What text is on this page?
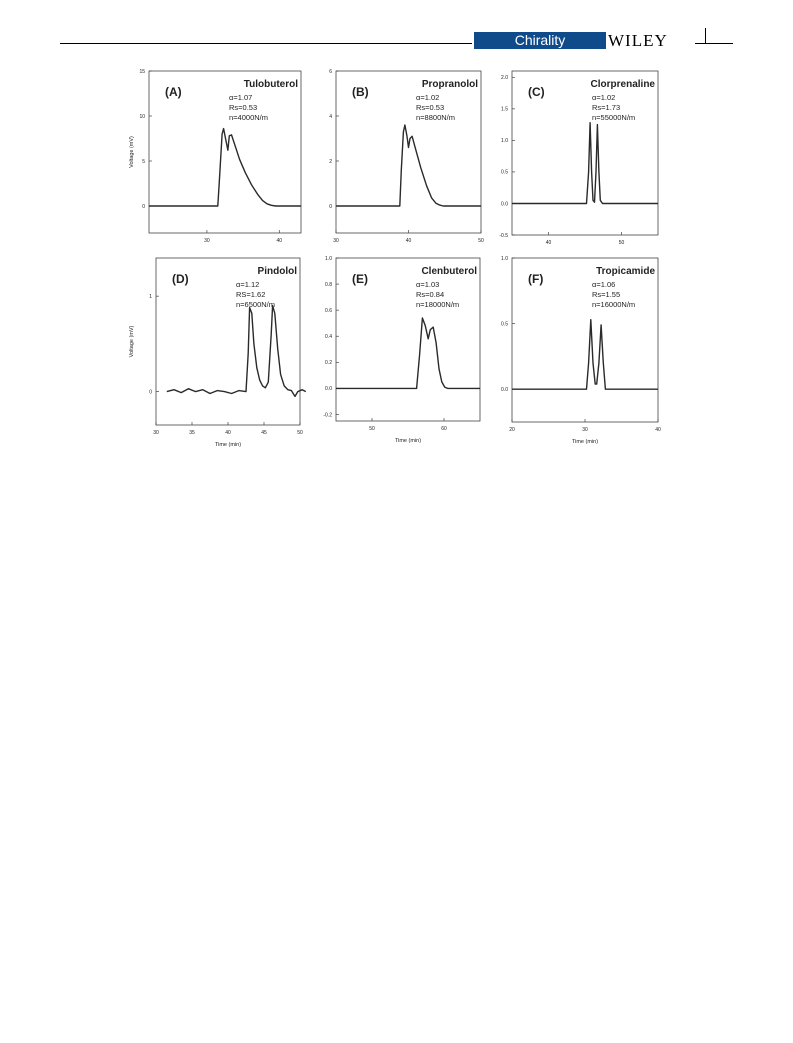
Chirality	WILEY
30	40
0
5
10
15
(A)
Tulobuterol
α=1.07
Rs=0.53
n=4000N/m
Voltage (mV)
30	40	50
0
2
4
6
(B)
Propranolol
α=1.02
Rs=0.53
n=8800N/m
40	50
-0.5
0.0
0.5
1.0
1.5
2.0
(C)
Clorprenaline
α=1.02
Rs=1.73
n=55000N/m
30	35	40	45	50
0
1
(D)
Pindolol
α=1.12
RS=1.62
n=6500N/m
Time (min)
Voltage (mV)
50	60
-0.2
0.0
0.2
0.4
0.6
0.8
1.0
(E)
Clenbuterol
α=1.03
Rs=0.84
n=18000N/m
Time (min)
20	30	40
0.0
0.5
1.0
(F)
Tropicamide
α=1.06
Rs=1.55
n=16000N/m
Time (min)
